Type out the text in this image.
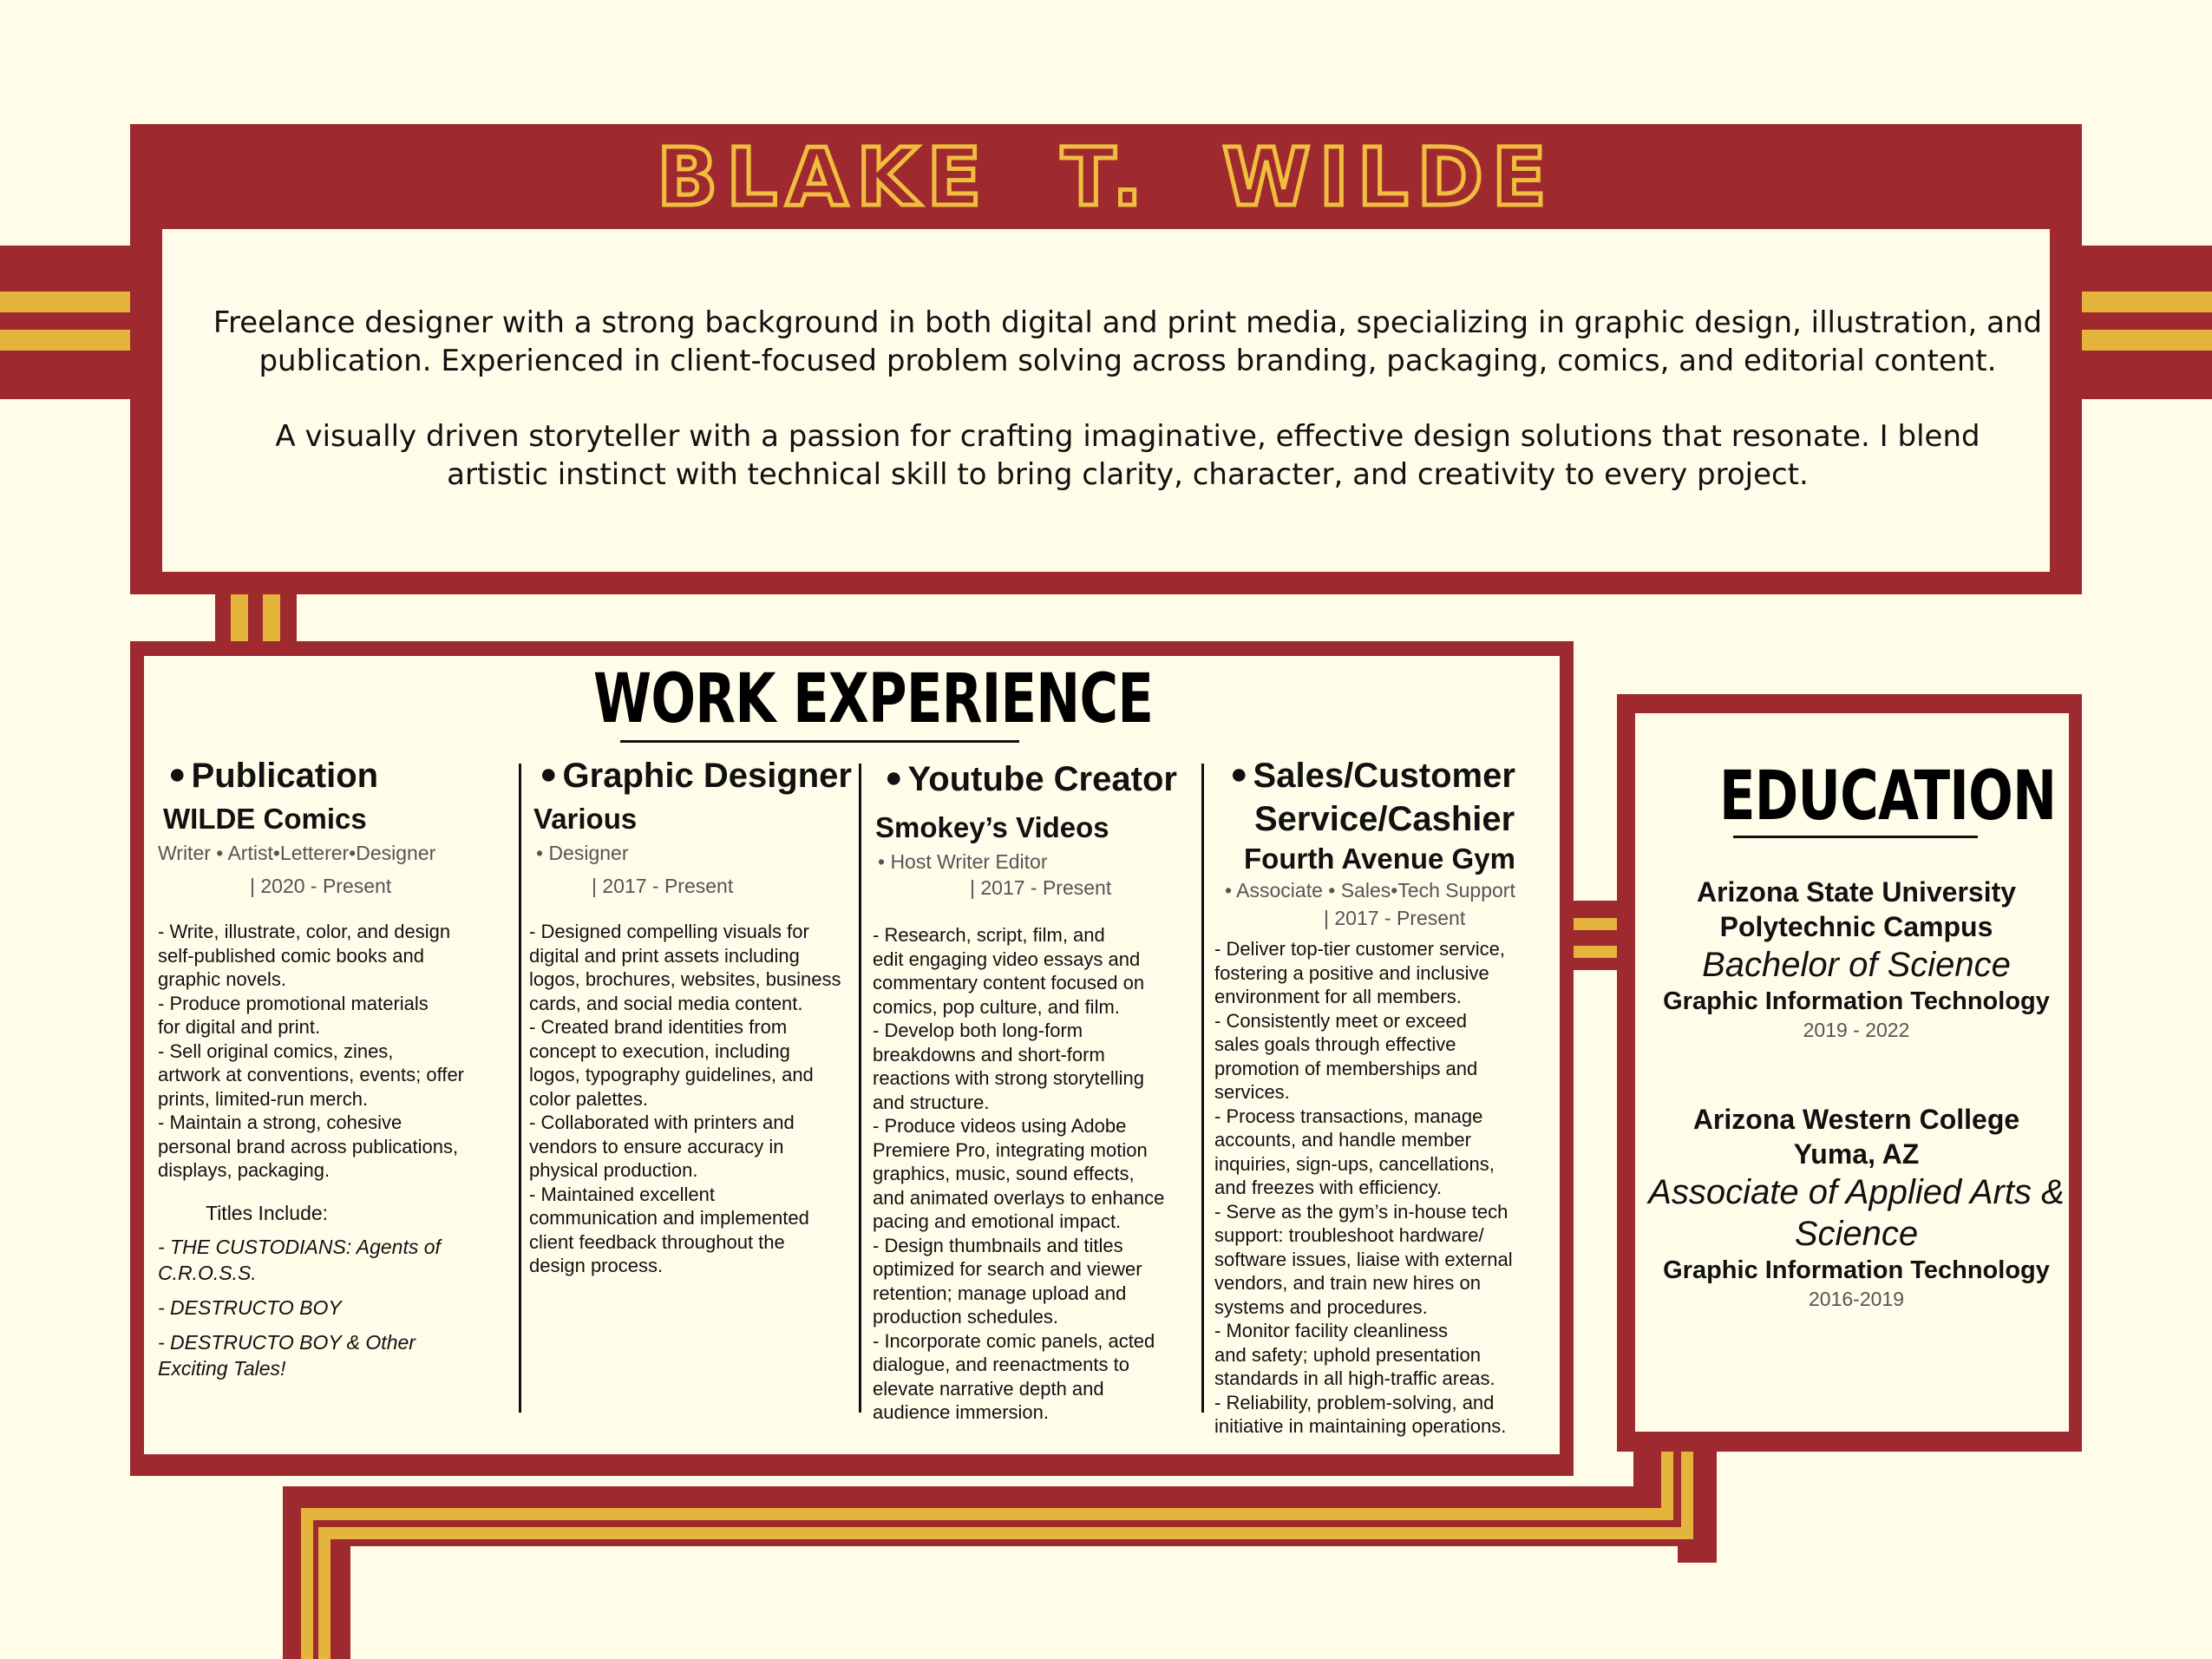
BLAKE T. WILDE

Freelance designer with a strong background in both digital and print media, specializing in graphic design, illustration, and publication. Experienced in client-focused problem solving across branding, packaging, comics, and editorial content.

A visually driven storyteller with a passion for crafting imaginative, effective design solutions that resonate. I blend artistic instinct with technical skill to bring clarity, character, and creativity to every project.

WORK EXPERIENCE
● Publication
WILDE Comics
Writer • Artist•Letterer•Designer
| 2020 - Present
- Write, illustrate, color, and design
self-published comic books and
graphic novels.
- Produce promotional materials
for digital and print.
- Sell original comics, zines,
artwork at conventions, events; offer
prints, limited-run merch.
- Maintain a strong, cohesive
personal brand across publications,
displays, packaging.
Titles Include:
- THE CUSTODIANS: Agents of C.R.O.S.S.
- DESTRUCTO BOY
- DESTRUCTO BOY & Other Exciting Tales!
● Graphic Designer
Various
• Designer
| 2017 - Present
- Designed compelling visuals for
digital and print assets including
logos, brochures, websites, business
cards, and social media content.
- Created brand identities from
concept to execution, including
logos, typography guidelines, and
color palettes.
- Collaborated with printers and
vendors to ensure accuracy in
physical production.
- Maintained excellent
communication and implemented
client feedback throughout the
design process.
● Youtube Creator
Smokey’s Videos
• Host Writer Editor
| 2017 - Present
- Research, script, film, and
edit engaging video essays and
commentary content focused on
comics, pop culture, and film.
- Develop both long-form
breakdowns and short-form
reactions with strong storytelling
and structure.
- Produce videos using Adobe
Premiere Pro, integrating motion
graphics, music, sound effects,
and animated overlays to enhance
pacing and emotional impact.
- Design thumbnails and titles
optimized for search and viewer
retention; manage upload and
production schedules.
- Incorporate comic panels, acted
dialogue, and reenactments to
elevate narrative depth and
audience immersion.
● Sales/Customer
Service/Cashier
Fourth Avenue Gym
• Associate • Sales•Tech Support
| 2017 - Present
- Deliver top-tier customer service,
fostering a positive and inclusive
environment for all members.
- Consistently meet or exceed
sales goals through effective
promotion of memberships and
services.
- Process transactions, manage
accounts, and handle member
inquiries, sign-ups, cancellations,
and freezes with efficiency.
- Serve as the gym’s in-house tech
support: troubleshoot hardware/
software issues, liaise with external
vendors, and train new hires on
systems and procedures.
- Monitor facility cleanliness
and safety; uphold presentation
standards in all high-traffic areas.
- Reliability, problem-solving, and
initiative in maintaining operations.
EDUCATION
Arizona State University
Polytechnic Campus
Bachelor of Science
Graphic Information Technology
2019 - 2022
Arizona Western College
Yuma, AZ
Associate of Applied Arts & Science
Graphic Information Technology
2016-2019
